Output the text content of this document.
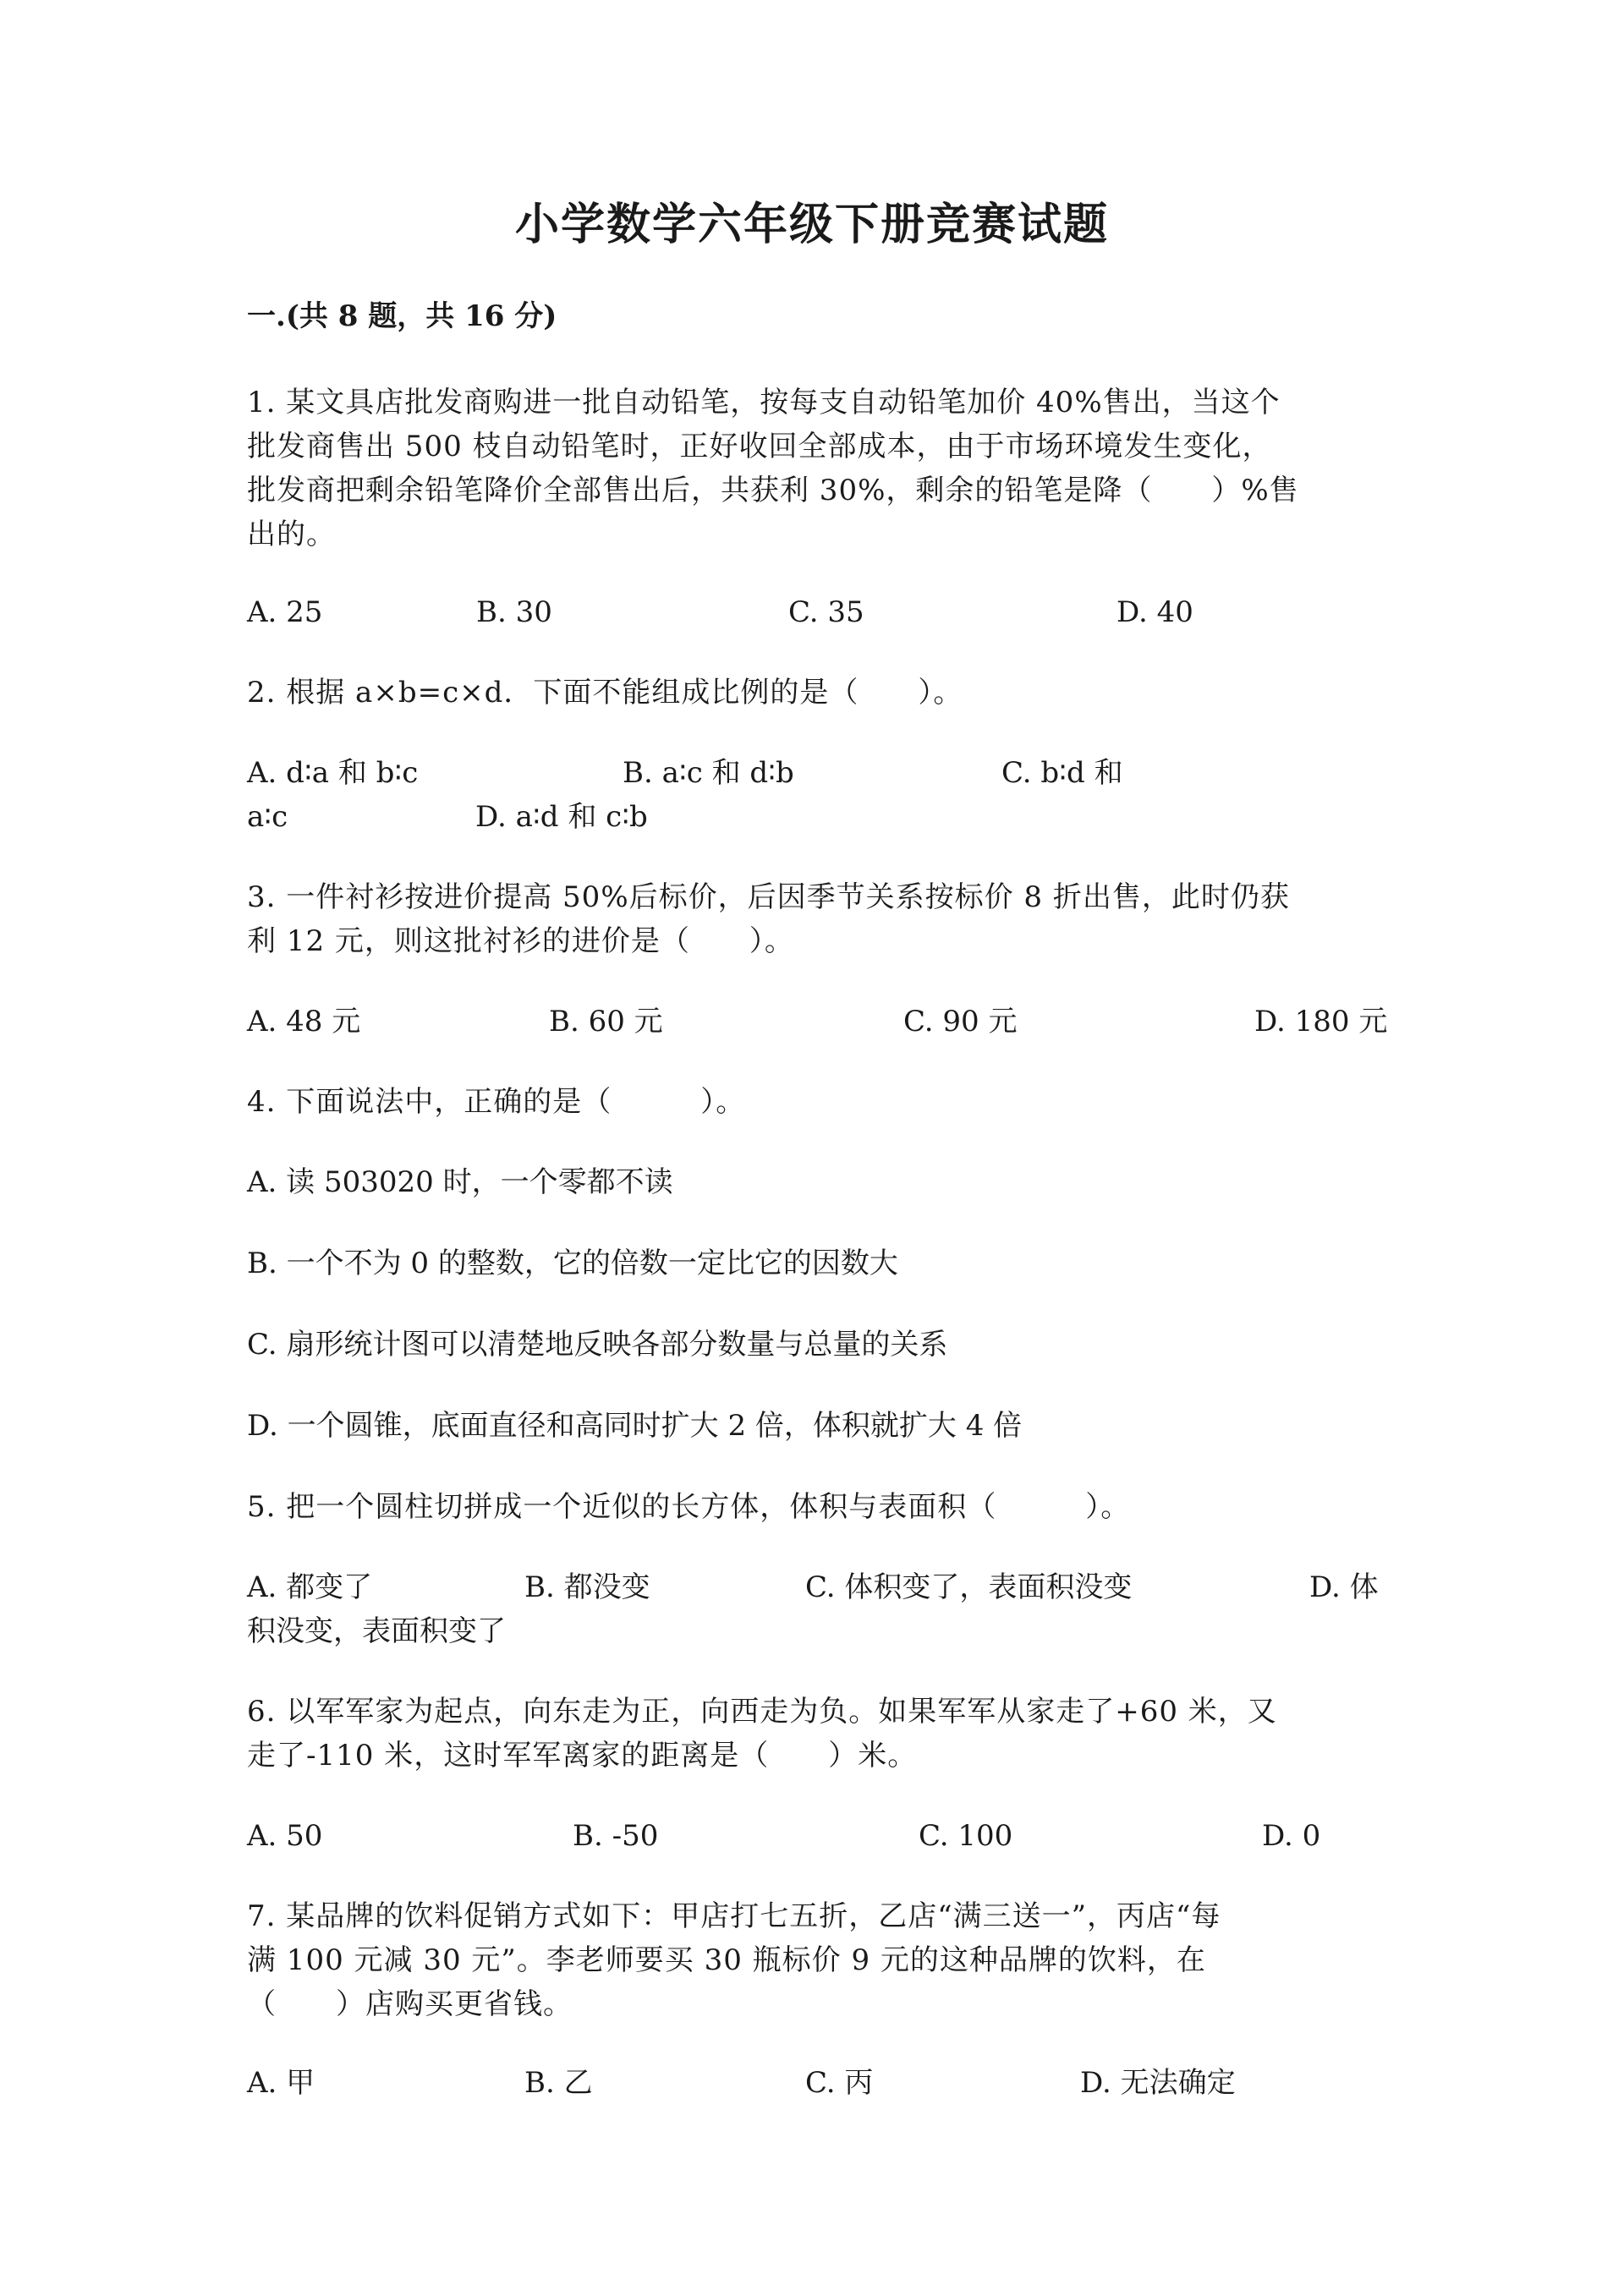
小学数学六年级下册竞赛试题
一.(共 8 题，共 16 分)
1. 某文具店批发商购进一批自动铅笔，按每支自动铅笔加价 40%售出，当这个
批发商售出 500 枝自动铅笔时，正好收回全部成本，由于市场环境发生变化，
批发商把剩余铅笔降价全部售出后，共获利 30%，剩余的铅笔是降（　　）%售
出的。
A. 25	B. 30	C. 35	D. 40
2. 根据 a×b=c×d．下面不能组成比例的是（　　）。
A. d∶a 和 b∶c	B. a∶c 和 d∶b	C. b∶d 和
a∶c	D. a∶d 和 c∶b
3. 一件衬衫按进价提高 50%后标价，后因季节关系按标价 8 折出售，此时仍获
利 12 元，则这批衬衫的进价是（　　）。
A. 48 元	B. 60 元	C. 90 元	D. 180 元
4. 下面说法中，正确的是（　　　）。
A. 读 503020 时，一个零都不读
B. 一个不为 0 的整数，它的倍数一定比它的因数大
C. 扇形统计图可以清楚地反映各部分数量与总量的关系
D. 一个圆锥，底面直径和高同时扩大 2 倍，体积就扩大 4 倍
5. 把一个圆柱切拼成一个近似的长方体，体积与表面积（　　　）。
A. 都变了	B. 都没变	C. 体积变了，表面积没变	D. 体
积没变，表面积变了
6. 以军军家为起点，向东走为正，向西走为负。如果军军从家走了+60 米，又
走了-110 米，这时军军离家的距离是（　　）米。
A. 50	B. -50	C. 100	D. 0
7. 某品牌的饮料促销方式如下：甲店打七五折，乙店“满三送一”，丙店“每
满 100 元减 30 元”。李老师要买 30 瓶标价 9 元的这种品牌的饮料，在
（　　）店购买更省钱。
A. 甲	B. 乙	C. 丙	D. 无法确定
